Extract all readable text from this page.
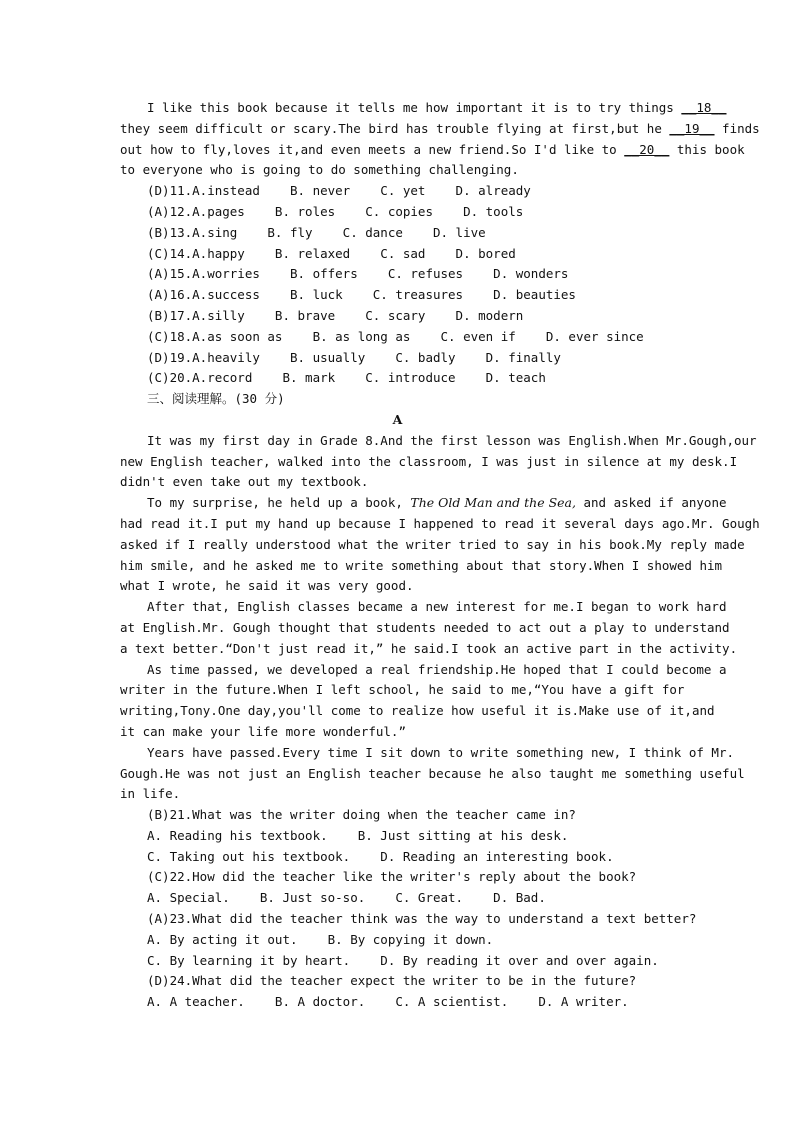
I like this book because it tells me how important it is to try things __18__
they seem difficult or scary.The bird has trouble flying at first,but he __19__ finds
out how to fly,loves it,and even meets a new friend.So I'd like to __20__ this book
to everyone who is going to do something challenging.
(D)11.A.instead    B. never    C. yet    D. already
(A)12.A.pages    B. roles    C. copies    D. tools
(B)13.A.sing    B. fly    C. dance    D. live
(C)14.A.happy    B. relaxed    C. sad    D. bored
(A)15.A.worries    B. offers    C. refuses    D. wonders
(A)16.A.success    B. luck    C. treasures    D. beauties
(B)17.A.silly    B. brave    C. scary    D. modern
(C)18.A.as soon as    B. as long as    C. even if    D. ever since
(D)19.A.heavily    B. usually    C. badly    D. finally
(C)20.A.record    B. mark    C. introduce    D. teach
三、阅读理解。(30 分)
A
It was my first day in Grade 8.And the first lesson was English.When Mr.Gough,our
new English teacher, walked into the classroom, I was just in silence at my desk.I
didn't even take out my textbook.
To my surprise, he held up a book, The Old Man and the Sea, and asked if anyone
had read it.I put my hand up because I happened to read it several days ago.Mr. Gough
asked if I really understood what the writer tried to say in his book.My reply made
him smile, and he asked me to write something about that story.When I showed him
what I wrote, he said it was very good.
After that, English classes became a new interest for me.I began to work hard
at English.Mr. Gough thought that students needed to act out a play to understand
a text better.“Don't just read it,” he said.I took an active part in the activity.
As time passed, we developed a real friendship.He hoped that I could become a
writer in the future.When I left school, he said to me,“You have a gift for
writing,Tony.One day,you'll come to realize how useful it is.Make use of it,and
it can make your life more wonderful.”
Years have passed.Every time I sit down to write something new, I think of Mr.
Gough.He was not just an English teacher because he also taught me something useful
in life.
(B)21.What was the writer doing when the teacher came in?
A. Reading his textbook.    B. Just sitting at his desk.
C. Taking out his textbook.    D. Reading an interesting book.
(C)22.How did the teacher like the writer's reply about the book?
A. Special.    B. Just so-so.    C. Great.    D. Bad.
(A)23.What did the teacher think was the way to understand a text better?
A. By acting it out.    B. By copying it down.
C. By learning it by heart.    D. By reading it over and over again.
(D)24.What did the teacher expect the writer to be in the future?
A. A teacher.    B. A doctor.    C. A scientist.    D. A writer.
